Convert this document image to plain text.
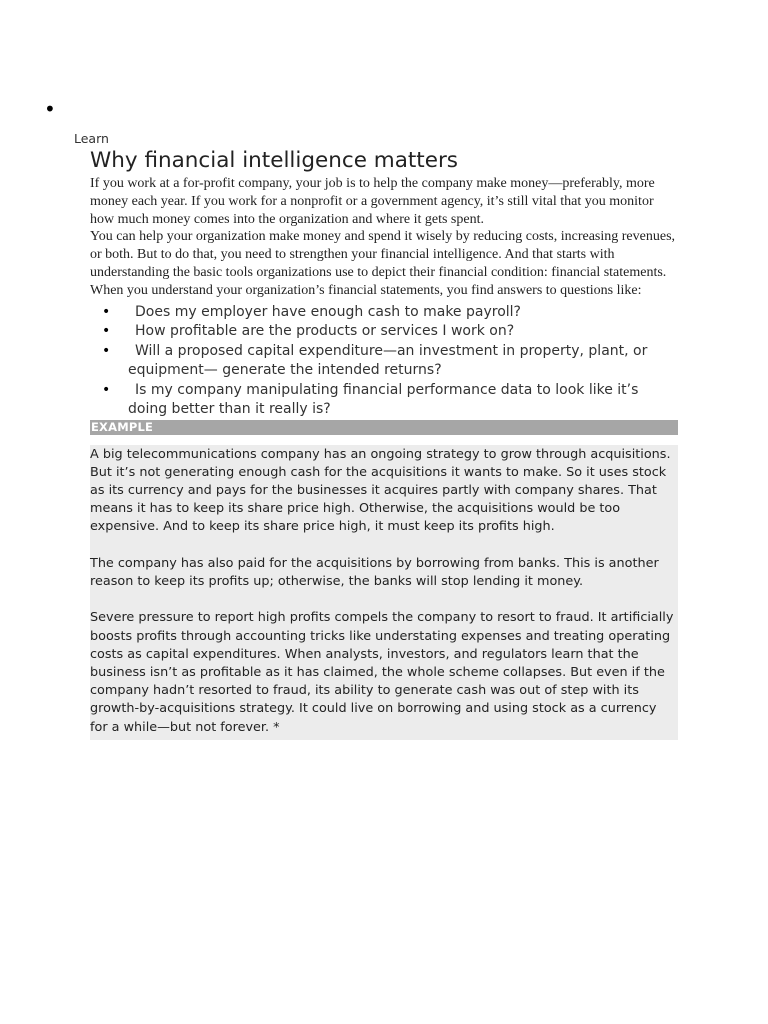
•
Learn
Why financial intelligence matters

If you work at a for-profit company, your job is to help the company make money—preferably, more money each year. If you work for a nonprofit or a government agency, it’s still vital that you monitor how much money comes into the organization and where it gets spent.

You can help your organization make money and spend it wisely by reducing costs, increasing revenues, or both. But to do that, you need to strengthen your financial intelligence. And that starts with understanding the basic tools organizations use to depict their financial condition: financial statements.

When you understand your organization’s financial statements, you find answers to questions like:

•	Does my employer have enough cash to make payroll?
•	How profitable are the products or services I work on?
•	Will a proposed capital expenditure—an investment in property, plant, or equipment— generate the intended returns?
•	Is my company manipulating financial performance data to look like it’s doing better than it really is?
EXAMPLE

A big telecommunications company has an ongoing strategy to grow through acquisitions. But it’s not generating enough cash for the acquisitions it wants to make. So it uses stock as its currency and pays for the businesses it acquires partly with company shares. That means it has to keep its share price high. Otherwise, the acquisitions would be too expensive. And to keep its share price high, it must keep its profits high.

The company has also paid for the acquisitions by borrowing from banks. This is another reason to keep its profits up; otherwise, the banks will stop lending it money.

Severe pressure to report high profits compels the company to resort to fraud. It artificially boosts profits through accounting tricks like understating expenses and treating operating costs as capital expenditures. When analysts, investors, and regulators learn that the business isn’t as profitable as it has claimed, the whole scheme collapses. But even if the company hadn’t resorted to fraud, its ability to generate cash was out of step with its growth-by-acquisitions strategy. It could live on borrowing and using stock as a currency for a while—but not forever. *
